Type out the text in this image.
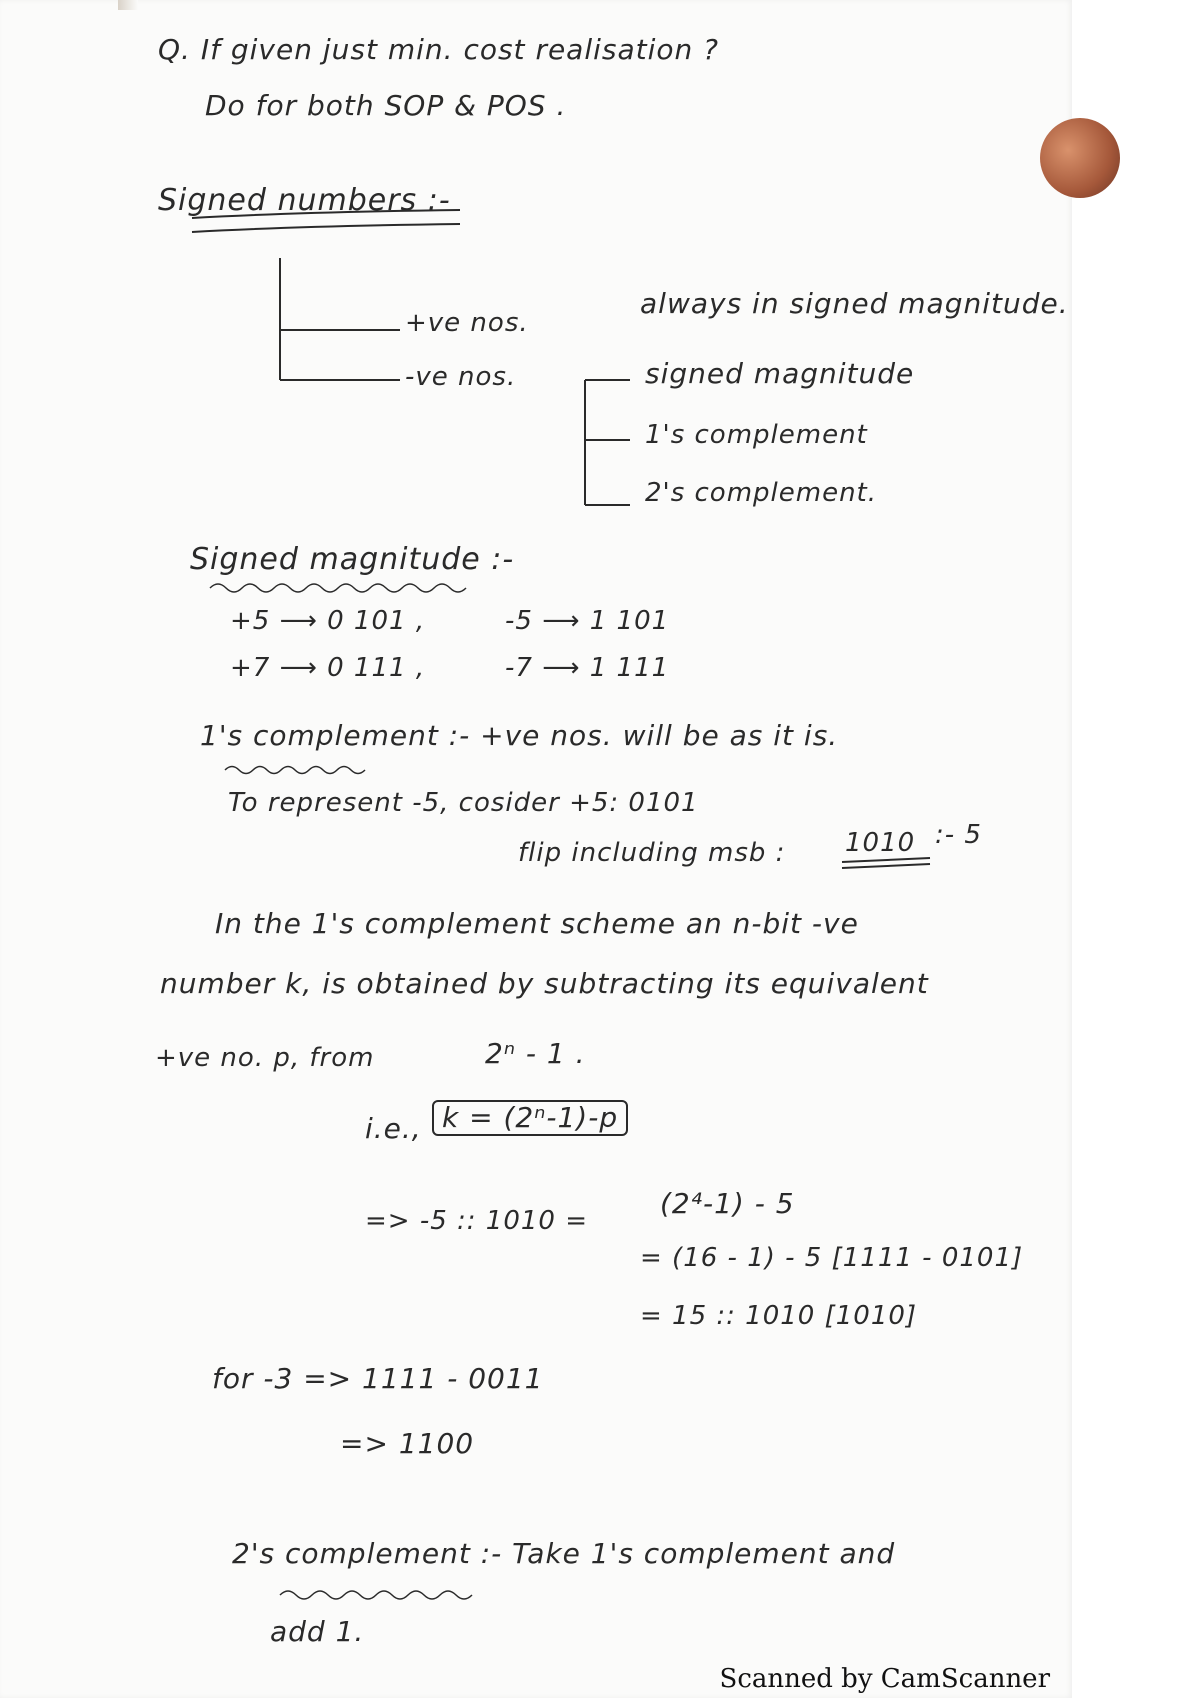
Q. If given just min. cost realisation ?
Do for both SOP & POS .
Signed numbers :-
+ve nos.
always in signed magnitude.
-ve nos.	signed magnitude
1's complement
2's complement.
Signed magnitude :-
+5 ⟶ 0 101 ,	-5 ⟶ 1 101
+7 ⟶ 0 111 ,	-7 ⟶ 1 111
1's complement :- +ve nos. will be as it is.
To represent -5, cosider +5: 0101
flip including msb : 1010 :- 5
In the 1's complement scheme an n-bit -ve
number k, is obtained by subtracting its equivalent
+ve no. p, from	2ⁿ - 1 .
i.e., k = (2ⁿ-1)-p
=> -5 :: 1010 =
(2⁴-1) - 5
= (16 - 1) - 5 [1111 - 0101]
= 15 :: 1010 [1010]
for -3 => 1111 - 0011
=> 1100
2's complement :- Take 1's complement and
add 1.
Scanned by CamScanner
